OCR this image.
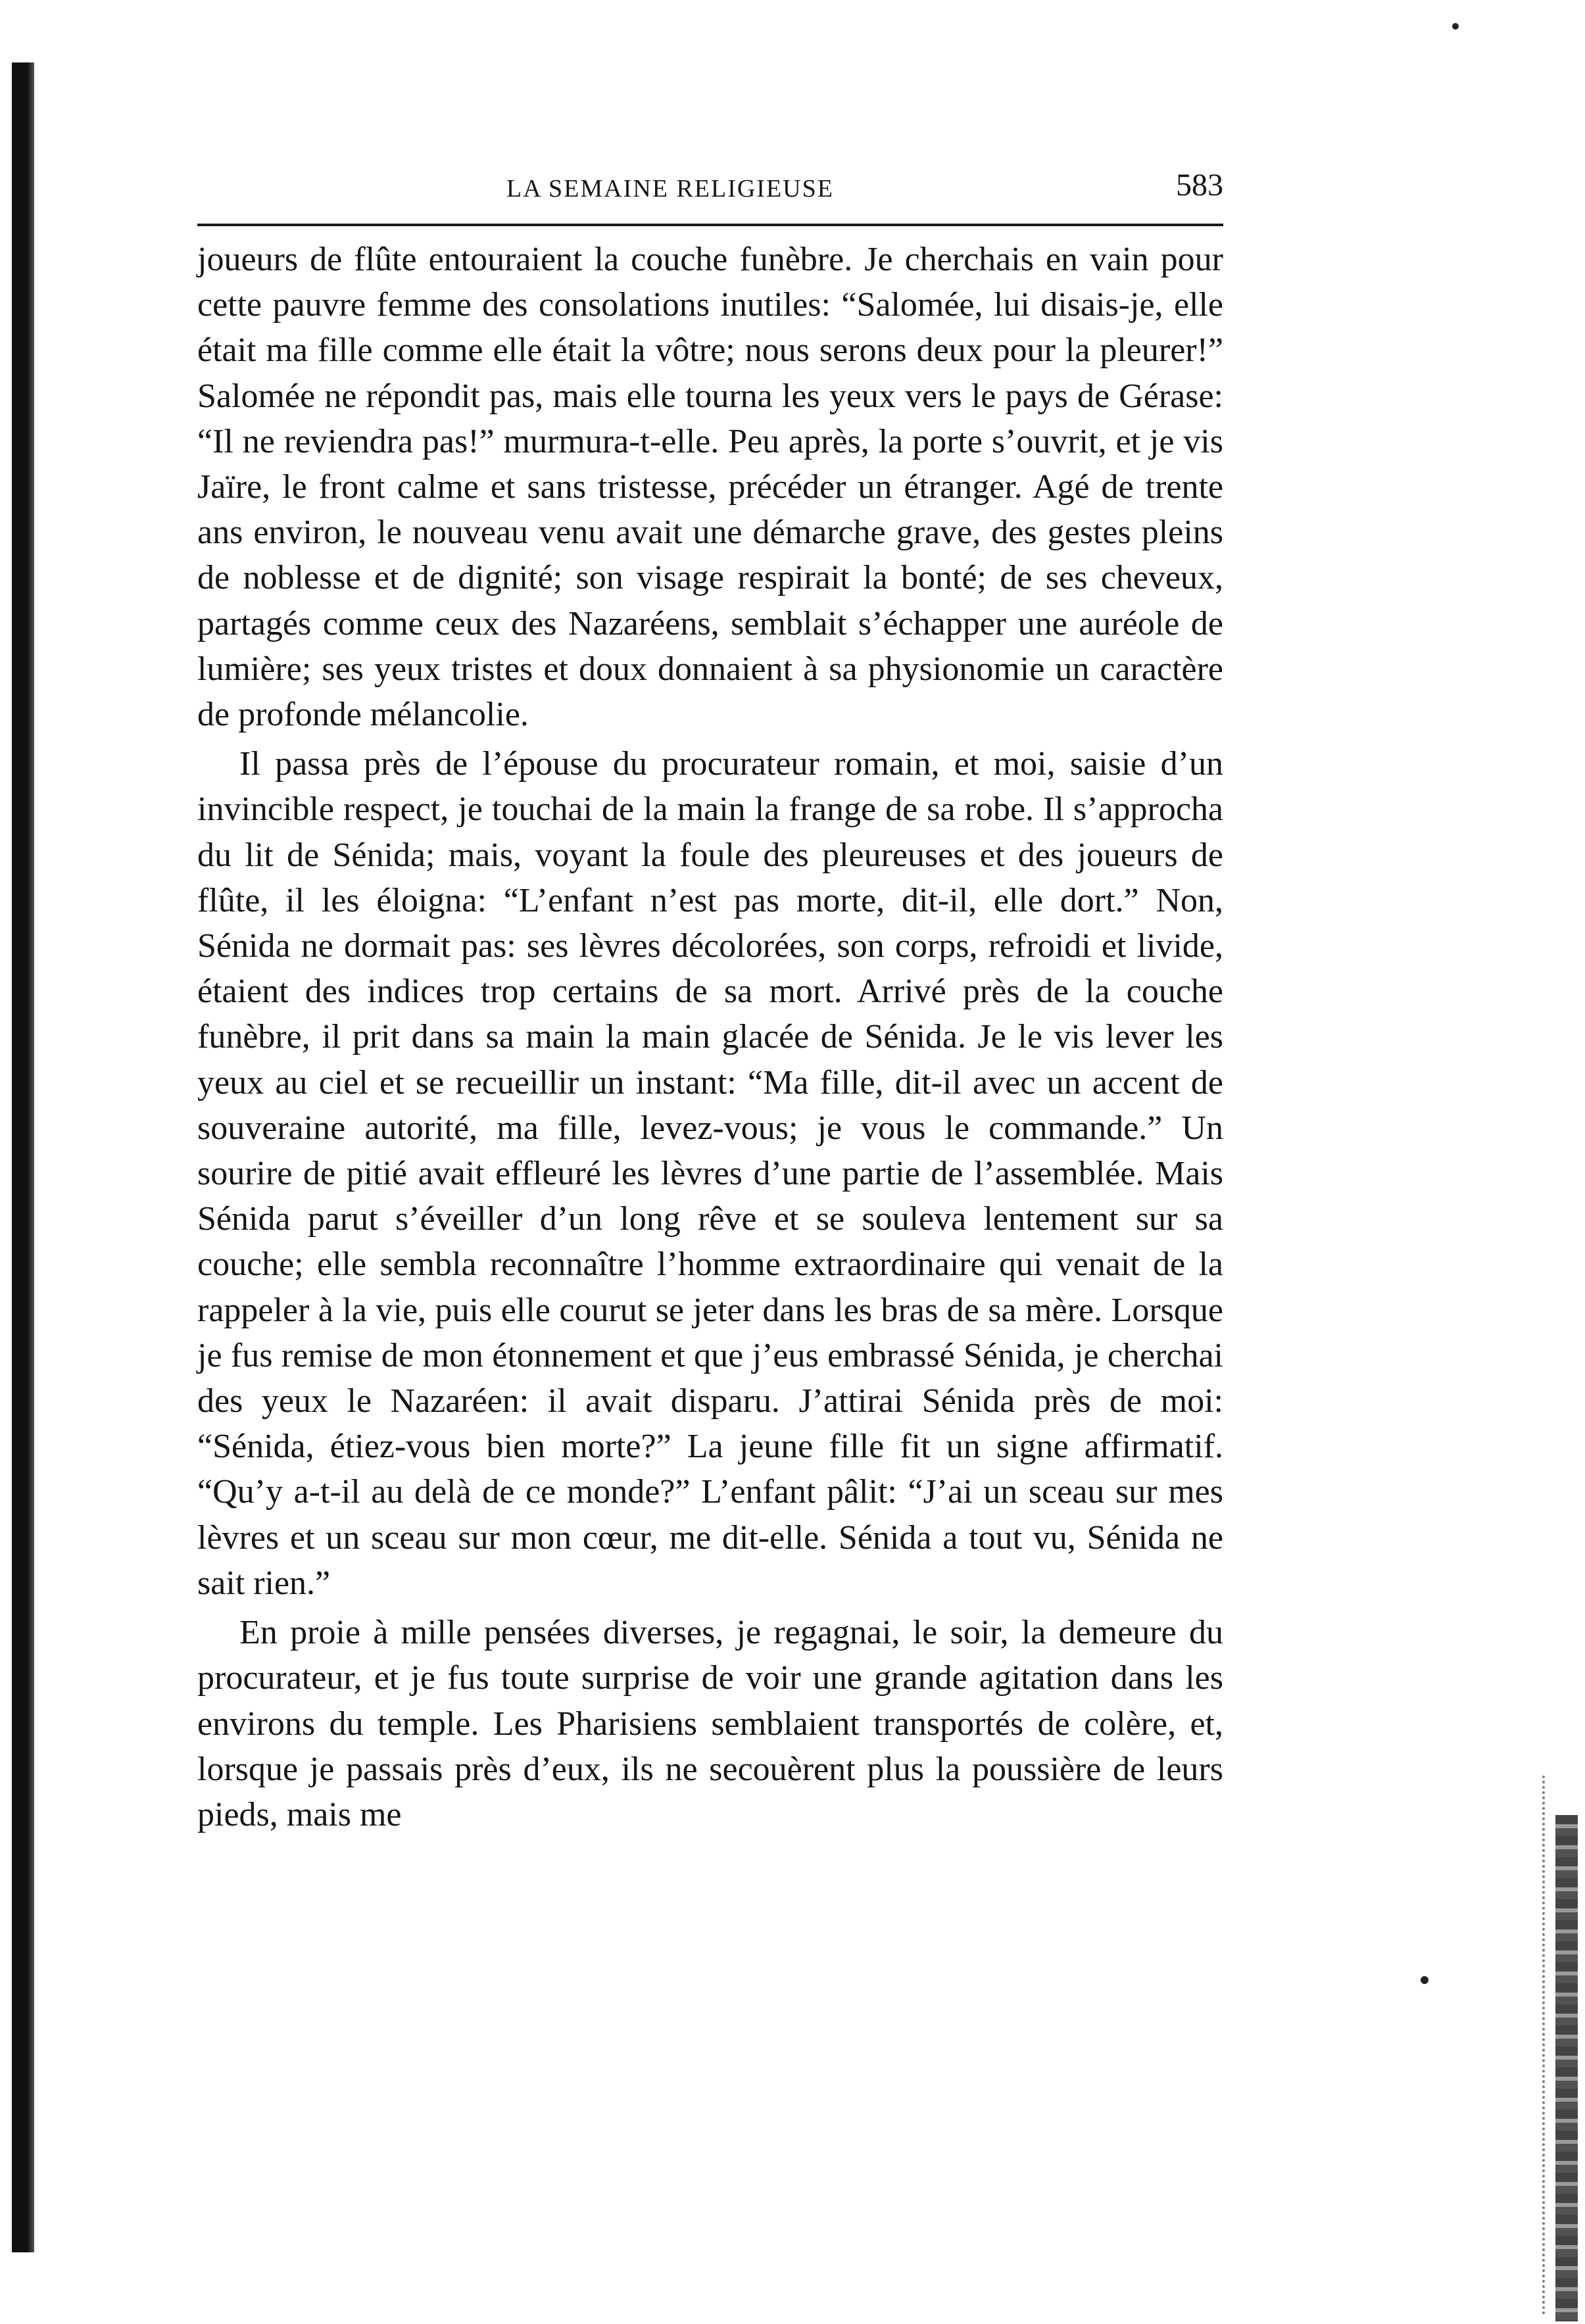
LA SEMAINE RELIGIEUSE	583

joueurs de flûte entouraient la couche funèbre. Je cherchais en vain pour cette pauvre femme des consolations inutiles: “Salomée, lui disais-je, elle était ma fille comme elle était la vôtre; nous serons deux pour la pleurer!” Salomée ne répondit pas, mais elle tourna les yeux vers le pays de Gérase: “Il ne reviendra pas!” murmura-t-elle. Peu après, la porte s’ouvrit, et je vis Jaïre, le front calme et sans tristesse, précéder un étranger. Agé de trente ans environ, le nouveau venu avait une démarche grave, des gestes pleins de noblesse et de dignité; son visage respirait la bonté; de ses cheveux, partagés comme ceux des Nazaréens, semblait s’échapper une auréole de lumière; ses yeux tristes et doux donnaient à sa physionomie un caractère de profonde mélancolie.

Il passa près de l’épouse du procurateur romain, et moi, saisie d’un invincible respect, je touchai de la main la frange de sa robe. Il s’approcha du lit de Sénida; mais, voyant la foule des pleureuses et des joueurs de flûte, il les éloigna: “L’enfant n’est pas morte, dit-il, elle dort.” Non, Sénida ne dormait pas: ses lèvres décolorées, son corps, refroidi et livide, étaient des indices trop certains de sa mort. Arrivé près de la couche funèbre, il prit dans sa main la main glacée de Sénida. Je le vis lever les yeux au ciel et se recueillir un instant: “Ma fille, dit-il avec un accent de souveraine autorité, ma fille, levez-vous; je vous le commande.” Un sourire de pitié avait effleuré les lèvres d’une partie de l’assemblée. Mais Sénida parut s’éveiller d’un long rêve et se souleva lentement sur sa couche; elle sembla reconnaître l’homme extraordinaire qui venait de la rappeler à la vie, puis elle courut se jeter dans les bras de sa mère. Lorsque je fus remise de mon étonnement et que j’eus embrassé Sénida, je cherchai des yeux le Nazaréen: il avait disparu. J’attirai Sénida près de moi: “Sénida, étiez-vous bien morte?” La jeune fille fit un signe affirmatif. “Qu’y a-t-il au delà de ce monde?” L’enfant pâlit: “J’ai un sceau sur mes lèvres et un sceau sur mon cœur, me dit-elle. Sénida a tout vu, Sénida ne sait rien.”

En proie à mille pensées diverses, je regagnai, le soir, la demeure du procurateur, et je fus toute surprise de voir une grande agitation dans les environs du temple. Les Pharisiens semblaient transportés de colère, et, lorsque je passais près d’eux, ils ne secouèrent plus la poussière de leurs pieds, mais me
